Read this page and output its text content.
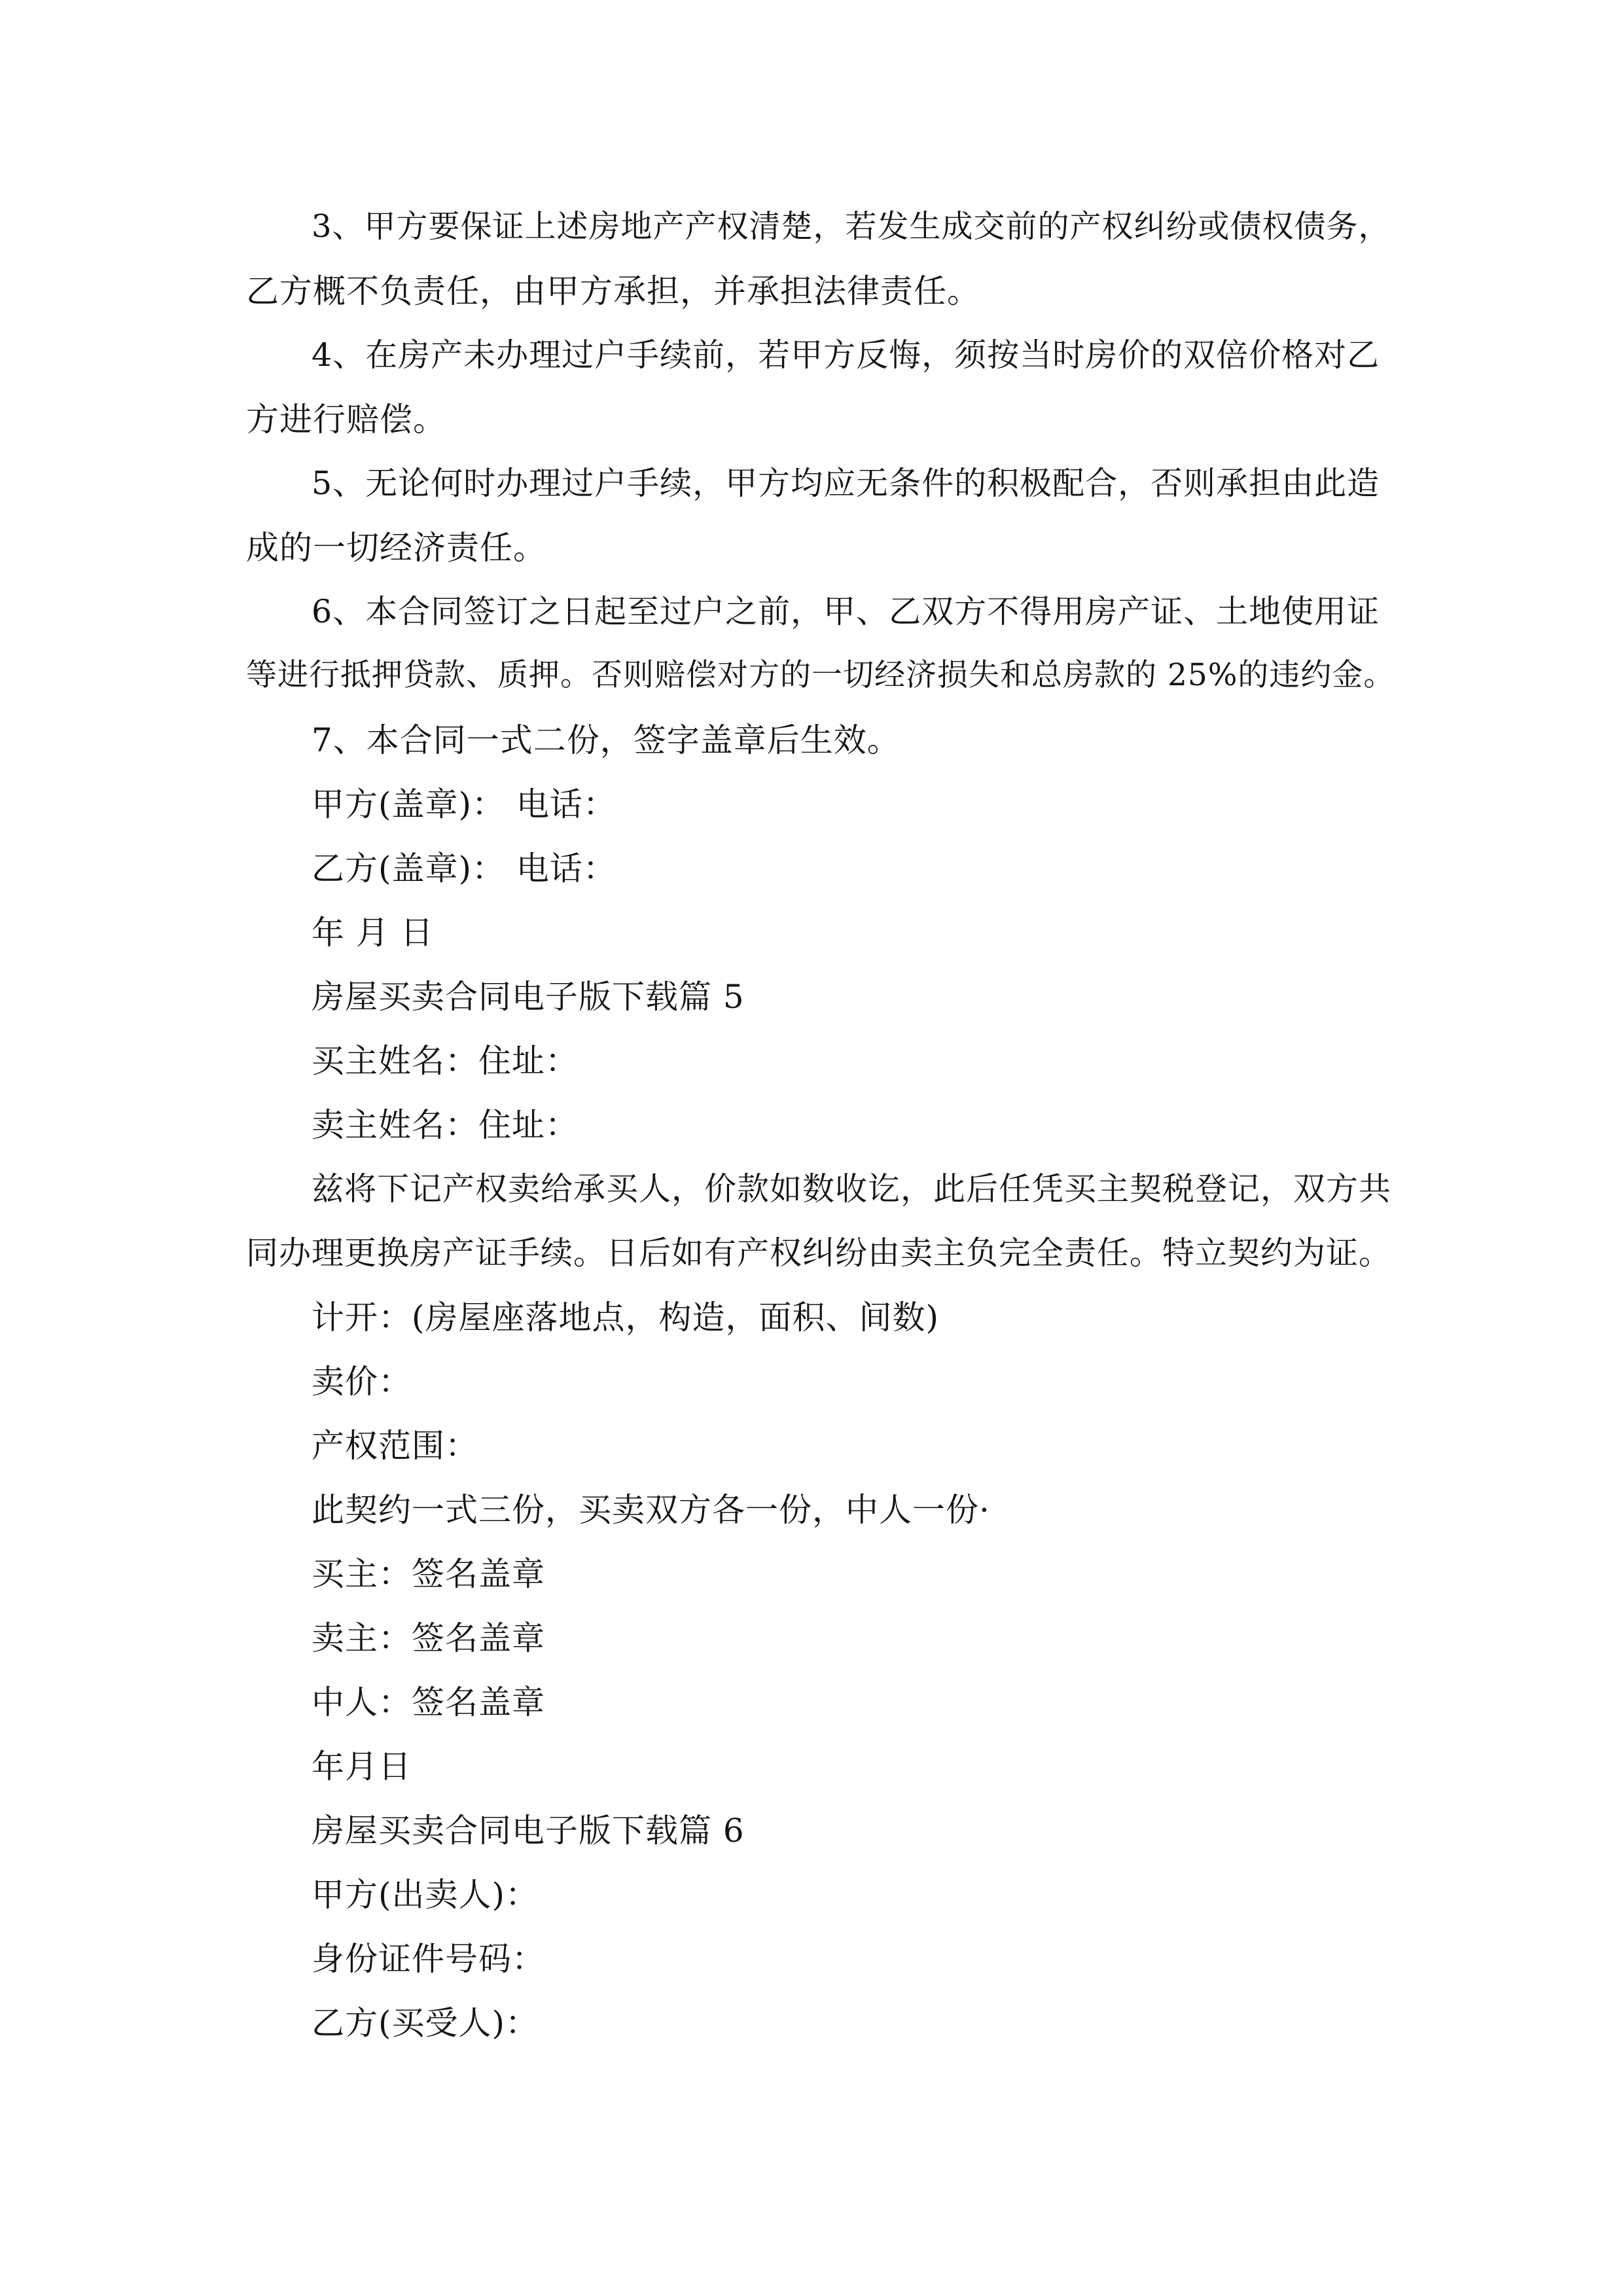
3、甲方要保证上述房地产产权清楚，若发生成交前的产权纠纷或债权债务，
乙方概不负责任，由甲方承担，并承担法律责任。
4、在房产未办理过户手续前，若甲方反悔，须按当时房价的双倍价格对乙
方进行赔偿。
5、无论何时办理过户手续，甲方均应无条件的积极配合，否则承担由此造
成的一切经济责任。
6、本合同签订之日起至过户之前，甲、乙双方不得用房产证、土地使用证
等进行抵押贷款、质押。否则赔偿对方的一切经济损失和总房款的 25%的违约金。
7、本合同一式二份，签字盖章后生效。
甲方(盖章)： 电话：
乙方(盖章)： 电话：
年 月 日
房屋买卖合同电子版下载篇 5
买主姓名：住址：
卖主姓名：住址：
兹将下记产权卖给承买人，价款如数收讫，此后任凭买主契税登记，双方共
同办理更换房产证手续。日后如有产权纠纷由卖主负完全责任。特立契约为证。
计开：(房屋座落地点，构造，面积、间数)
卖价：
产权范围：
此契约一式三份，买卖双方各一份，中人一份·
买主：签名盖章
卖主：签名盖章
中人：签名盖章
年月日
房屋买卖合同电子版下载篇 6
甲方(出卖人)：
身份证件号码：
乙方(买受人)：
